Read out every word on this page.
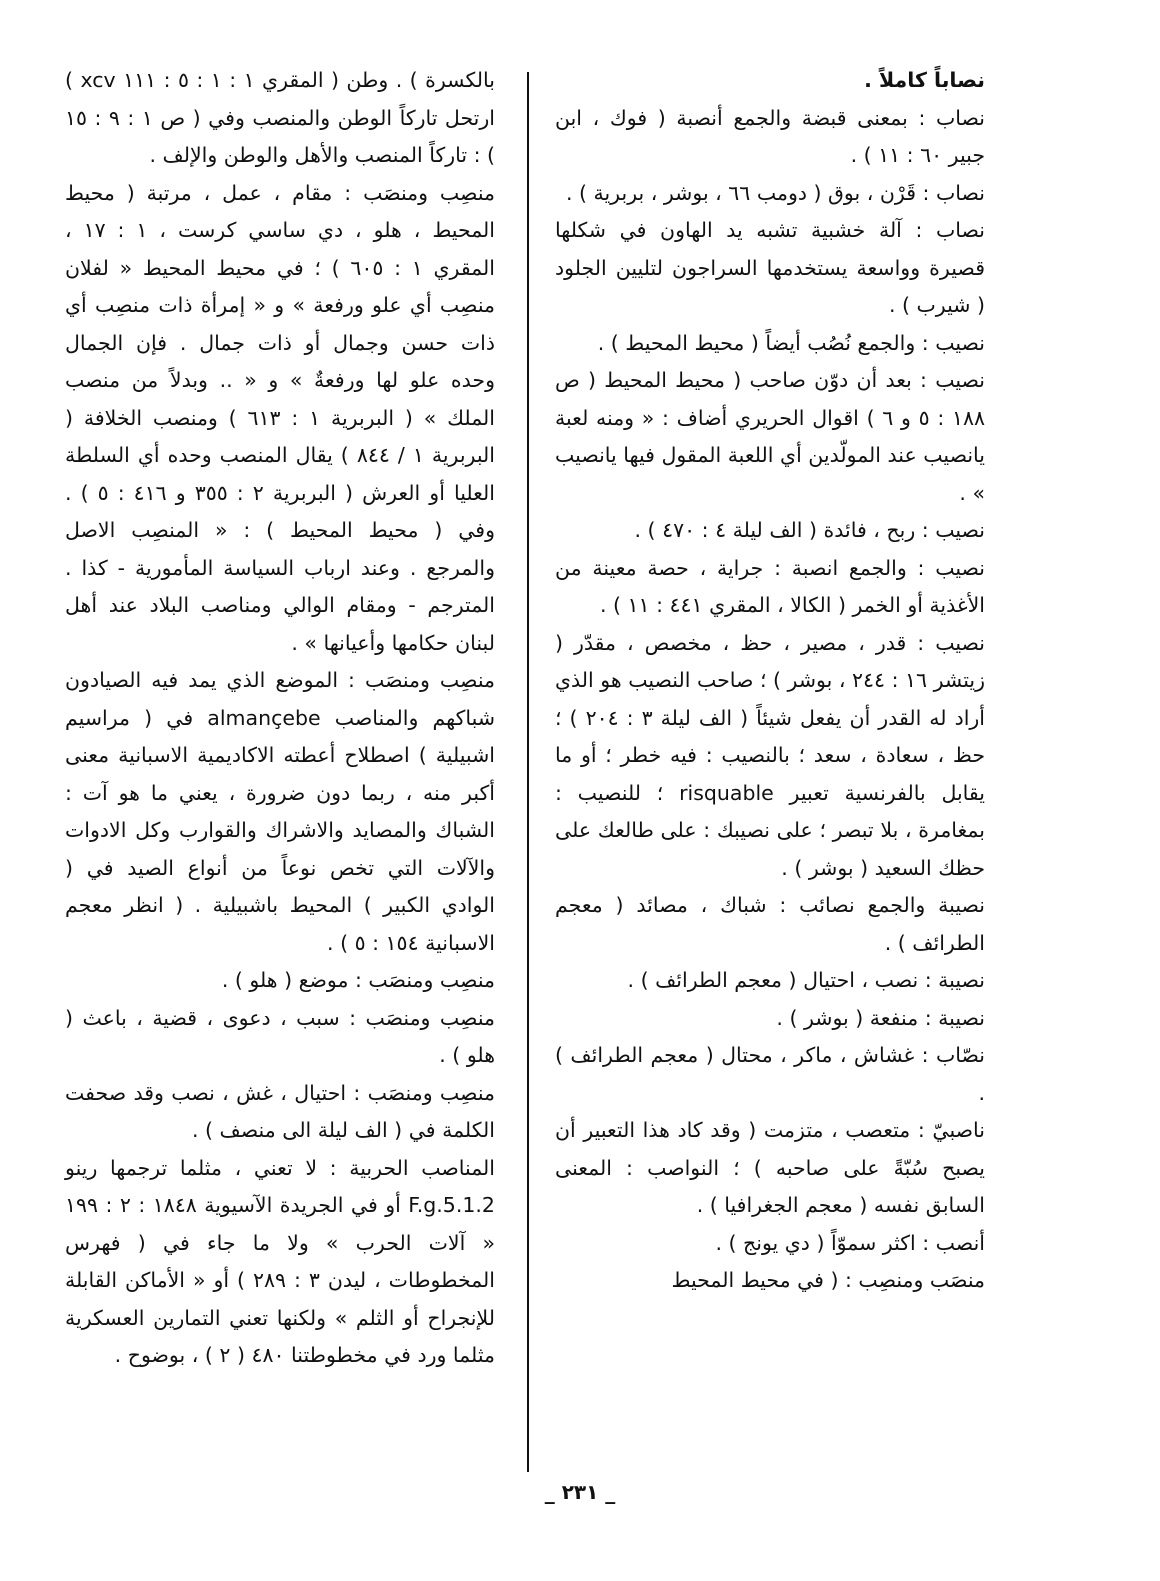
نصاباً كاملاً .

نصاب : بمعنى قبضة والجمع أنصبة ( فوك ، ابن جبير ٦٠ : ١١ ) .

نصاب : قَرْن ، بوق ( دومب ٦٦ ، بوشر ، بربرية ) .

نصاب : آلة خشبية تشبه يد الهاون في شكلها قصيرة وواسعة يستخدمها السراجون لتليين الجلود ( شيرب ) .

نصيب : والجمع نُصُب أيضاً ( محيط المحيط ) .

نصيب : بعد أن دوّن صاحب ( محيط المحيط ( ص ١٨٨ : ٥ و ٦ ) اقوال الحريري أضاف : « ومنه لعبة يانصيب عند المولّدين أي اللعبة المقول فيها يانصيب » .

نصيب : ربح ، فائدة ( الف ليلة ٤ : ٤٧٠ ) .

نصيب : والجمع انصبة : جراية ، حصة معينة من الأغذية أو الخمر ( الكالا ، المقري ٤٤١ : ١١ ) .

نصيب : قدر ، مصير ، حظ ، مخصص ، مقدّر ( زيتشر ١٦ : ٢٤٤ ، بوشر ) ؛ صاحب النصيب هو الذي أراد له القدر أن يفعل شيئاً ( الف ليلة ٣ : ٢٠٤ ) ؛ حظ ، سعادة ، سعد ؛ بالنصيب : فيه خطر ؛ أو ما يقابل بالفرنسية تعبير risquable ؛ للنصيب : بمغامرة ، بلا تبصر ؛ على نصيبك : على طالعك على حظك السعيد ( بوشر ) .

نصيبة والجمع نصائب : شباك ، مصائد ( معجم الطرائف ) .

نصيبة : نصب ، احتيال ( معجم الطرائف ) .

نصيبة : منفعة ( بوشر ) .

نصّاب : غشاش ، ماكر ، محتال ( معجم الطرائف ) .

ناصبيّ : متعصب ، متزمت ( وقد كاد هذا التعبير أن يصبح سُبّةً على صاحبه ) ؛ النواصب : المعنى السابق نفسه ( معجم الجغرافيا ) .

أنصب : اكثر سموّاً ( دي يونج ) .

منصَب ومنصِب : ( في محيط المحيط

بالكسرة ) . وطن ( المقري ١ : ١ : ٥ : ١١١ xcv ) ارتحل تاركاً الوطن والمنصب وفي ( ص ١ : ٩ : ١٥ ) : تاركاً المنصب والأهل والوطن والإلف .

منصِب ومنصَب : مقام ، عمل ، مرتبة ( محيط المحيط ، هلو ، دي ساسي كرست ، ١ : ١٧ ، المقري ١ : ٦٠٥ ) ؛ في محيط المحيط « لفلان منصِب أي علو ورفعة » و « إمرأة ذات منصِب أي ذات حسن وجمال أو ذات جمال . فإن الجمال وحده علو لها ورفعةٌ » و « .. وبدلاً من منصب الملك » ( البربرية ١ : ٦١٣ ) ومنصب الخلافة ( البربرية ١ / ٨٤٤ ) يقال المنصب وحده أي السلطة العليا أو العرش ( البربرية ٢ : ٣٥٥ و ٤١٦ : ٥ ) . وفي ( محيط المحيط ) : « المنصِب الاصل والمرجع . وعند ارباب السياسة المأمورية - كذا . المترجم - ومقام الوالي ومناصب البلاد عند أهل لبنان حكامها وأعيانها » .

منصِب ومنصَب : الموضع الذي يمد فيه الصيادون شباكهم والمناصب almançebe في ( مراسيم اشبيلية ) اصطلاح أعطته الاكاديمية الاسبانية معنى أكبر منه ، ربما دون ضرورة ، يعني ما هو آت : الشباك والمصايد والاشراك والقوارب وكل الادوات والآلات التي تخص نوعاً من أنواع الصيد في ( الوادي الكبير ) المحيط باشبيلية . ( انظر معجم الاسبانية ١٥٤ : ٥ ) .

منصِب ومنصَب : موضع ( هلو ) .

منصِب ومنصَب : سبب ، دعوى ، قضية ، باعث ( هلو ) .

منصِب ومنصَب : احتيال ، غش ، نصب وقد صحفت الكلمة في ( الف ليلة الى منصف ) .

المناصب الحربية : لا تعني ، مثلما ترجمها رينو F.g.5.1.2 أو في الجريدة الآسيوية ١٨٤٨ : ٢ : ١٩٩ « آلات الحرب » ولا ما جاء في ( فهرس المخطوطات ، ليدن ٣ : ٢٨٩ ) أو « الأماكن القابلة للإنجراح أو الثلم » ولكنها تعني التمارين العسكرية مثلما ورد في مخطوطتنا ٤٨٠ ( ٢ ) ، بوضوح .

_ ٢٣١ _
